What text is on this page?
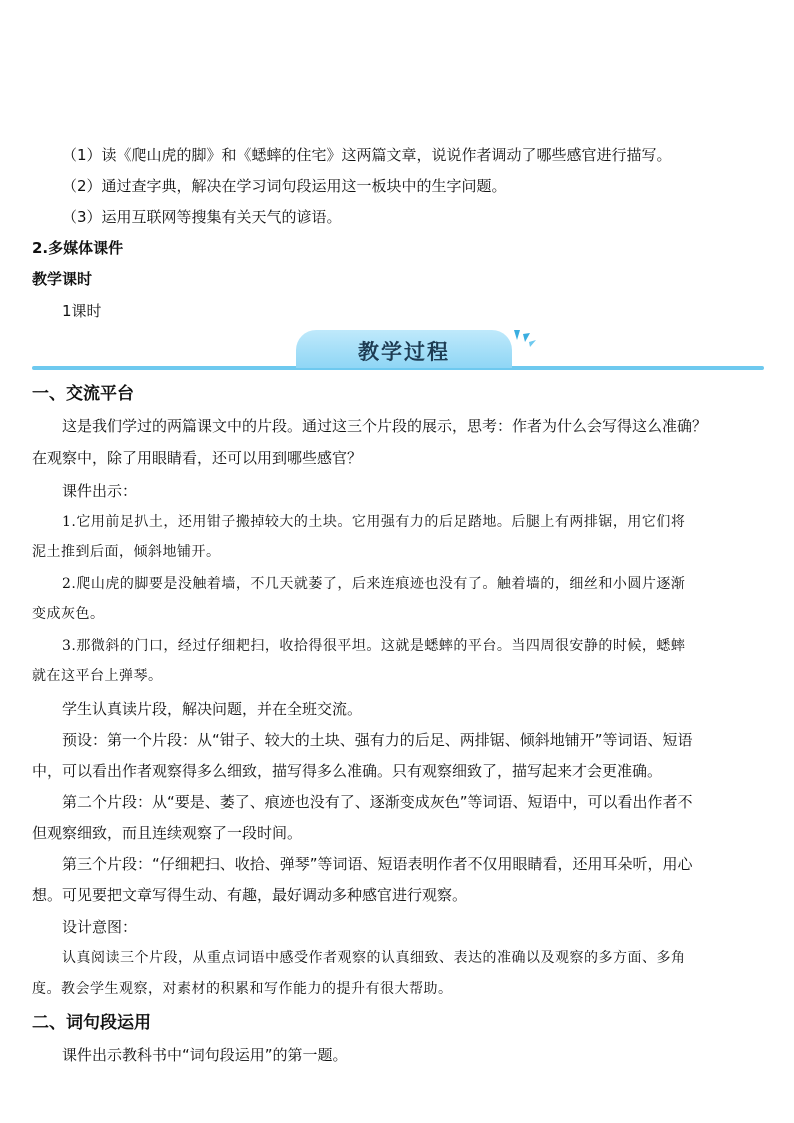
（1）读《爬山虎的脚》和《蟋蟀的住宅》这两篇文章，说说作者调动了哪些感官进行描写。
（2）通过查字典，解决在学习词句段运用这一板块中的生字问题。
（3）运用互联网等搜集有关天气的谚语。
2.多媒体课件
教学课时
1课时
教学过程
一、交流平台
这是我们学过的两篇课文中的片段。通过这三个片段的展示，思考：作者为什么会写得这么准确？
在观察中，除了用眼睛看，还可以用到哪些感官？
课件出示：
1.它用前足扒土，还用钳子搬掉较大的土块。它用强有力的后足踏地。后腿上有两排锯，用它们将
泥土推到后面，倾斜地铺开。
2.爬山虎的脚要是没触着墙，不几天就萎了，后来连痕迹也没有了。触着墙的，细丝和小圆片逐渐
变成灰色。
3.那微斜的门口，经过仔细耙扫，收拾得很平坦。这就是蟋蟀的平台。当四周很安静的时候，蟋蟀
就在这平台上弹琴。
学生认真读片段，解决问题，并在全班交流。
预设：第一个片段：从“钳子、较大的土块、强有力的后足、两排锯、倾斜地铺开”等词语、短语
中，可以看出作者观察得多么细致，描写得多么准确。只有观察细致了，描写起来才会更准确。
第二个片段：从“要是、萎了、痕迹也没有了、逐渐变成灰色”等词语、短语中，可以看出作者不
但观察细致，而且连续观察了一段时间。
第三个片段：“仔细耙扫、收拾、弹琴”等词语、短语表明作者不仅用眼睛看，还用耳朵听，用心
想。可见要把文章写得生动、有趣，最好调动多种感官进行观察。
设计意图：
认真阅读三个片段，从重点词语中感受作者观察的认真细致、表达的准确以及观察的多方面、多角
度。教会学生观察，对素材的积累和写作能力的提升有很大帮助。
二、词句段运用
课件出示教科书中“词句段运用”的第一题。
